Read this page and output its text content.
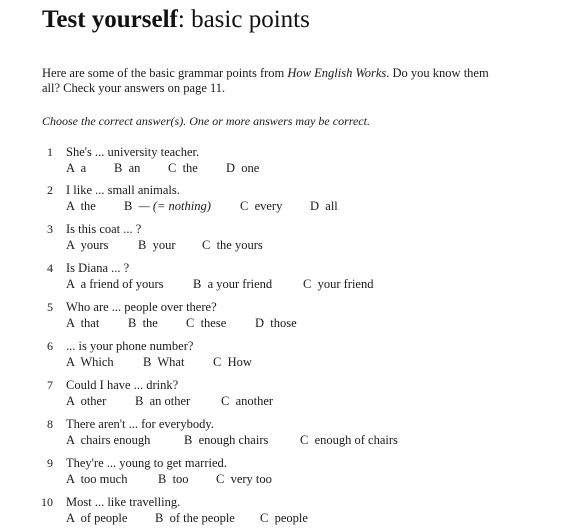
Test yourself: basic points
Here are some of the basic grammar points from How English Works. Do you know them all? Check your answers on page 11.
Choose the correct answer(s). One or more answers may be correct.
1 She's ... university teacher.
A  a B  an C  the D  one
2 I like ... small animals.
A  the B  — (= nothing) C  every D  all
3 Is this coat ... ?
A  yours B  your C  the yours
4 Is Diana ... ?
A  a friend of yours B  a your friend C  your friend
5 Who are ... people over there?
A  that B  the C  these D  those
6 ... is your phone number?
A  Which B  What C  How
7 Could I have ... drink?
A  other B  an other C  another
8 There aren't ... for everybody.
A  chairs enough	B  enough chairs	C  enough of chairs
9 They're ... young to get married.
A  too much B  too C  very too
10 Most ... like travelling.
A  of people B  of the people C  people
